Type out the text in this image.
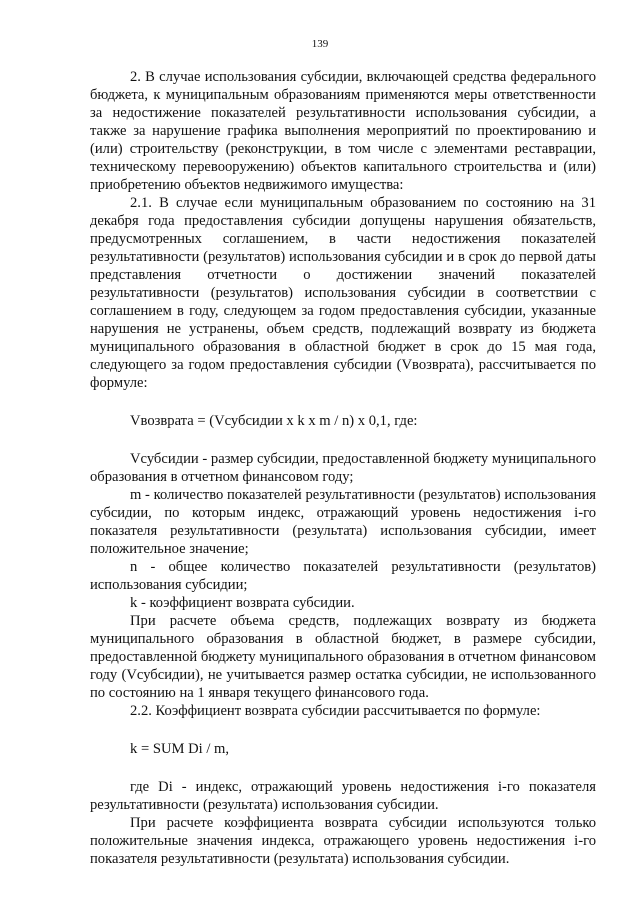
139

2. В случае использования субсидии, включающей средства федерального бюджета, к муниципальным образованиям применяются меры ответственности за недостижение показателей результативности использования субсидии, а также за нарушение графика выполнения мероприятий по проектированию и (или) строительству (реконструкции, в том числе с элементами реставрации, техническому перевооружению) объектов капитального строительства и (или) приобретению объектов недвижимого имущества:

2.1. В случае если муниципальным образованием по состоянию на 31 декабря года предоставления субсидии допущены нарушения обязательств, предусмотренных соглашением, в части недостижения показателей результативности (результатов) использования субсидии и в срок до первой даты представления отчетности о достижении значений показателей результативности (результатов) использования субсидии в соответствии с соглашением в году, следующем за годом предоставления субсидии, указанные нарушения не устранены, объем средств, подлежащий возврату из бюджета муниципального образования в областной бюджет в срок до 15 мая года, следующего за годом предоставления субсидии (Vвозврата), рассчитывается по формуле:

Vвозврата = (Vсубсидии x k x m / n) x 0,1, где:

Vсубсидии - размер субсидии, предоставленной бюджету муниципального образования в отчетном финансовом году;

m - количество показателей результативности (результатов) использования субсидии, по которым индекс, отражающий уровень недостижения i-го показателя результативности (результата) использования субсидии, имеет положительное значение;

n - общее количество показателей результативности (результатов) использования субсидии;

k - коэффициент возврата субсидии.

При расчете объема средств, подлежащих возврату из бюджета муниципального образования в областной бюджет, в размере субсидии, предоставленной бюджету муниципального образования в отчетном финансовом году (Vсубсидии), не учитывается размер остатка субсидии, не использованного по состоянию на 1 января текущего финансового года.

2.2. Коэффициент возврата субсидии рассчитывается по формуле:

k = SUM Di / m,

где Di - индекс, отражающий уровень недостижения i-го показателя результативности (результата) использования субсидии.

При расчете коэффициента возврата субсидии используются только положительные значения индекса, отражающего уровень недостижения i-го показателя результативности (результата) использования субсидии.
